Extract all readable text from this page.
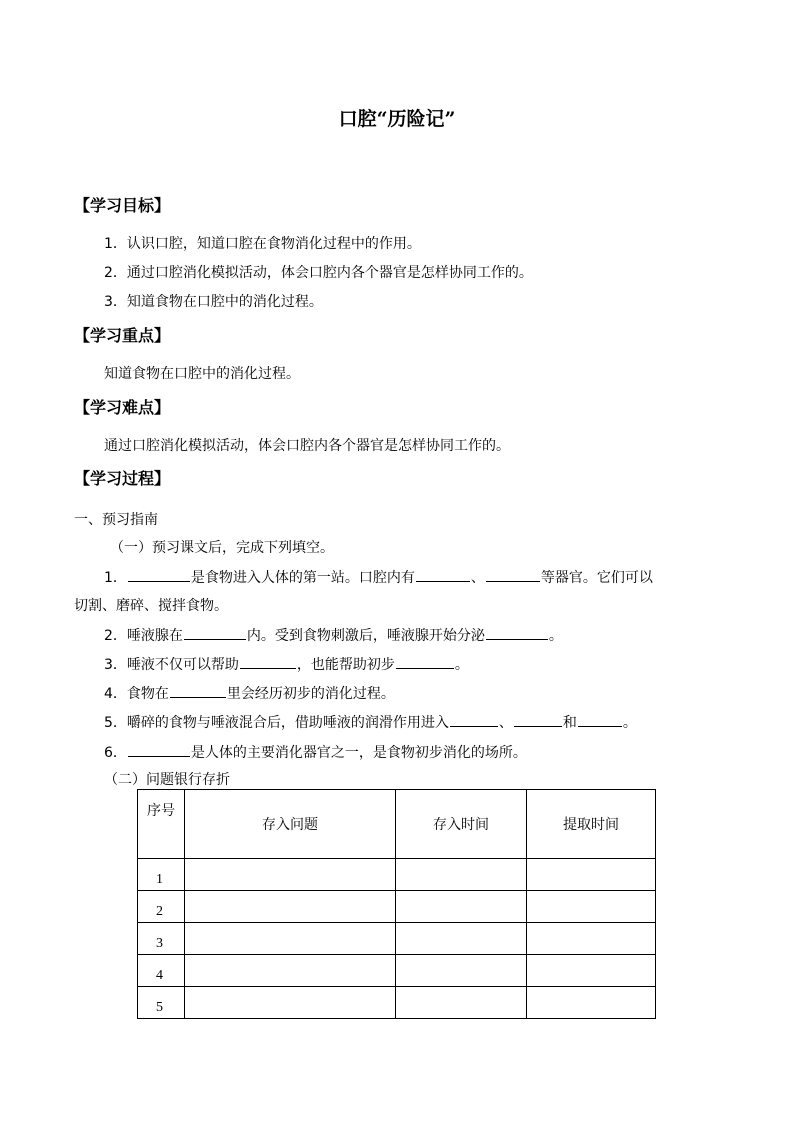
口腔“历险记”
【学习目标】
1．认识口腔，知道口腔在食物消化过程中的作用。
2．通过口腔消化模拟活动，体会口腔内各个器官是怎样协同工作的。
3．知道食物在口腔中的消化过程。
【学习重点】
知道食物在口腔中的消化过程。
【学习难点】
通过口腔消化模拟活动，体会口腔内各个器官是怎样协同工作的。
【学习过程】
一、预习指南
（一）预习课文后，完成下列填空。
1．	是食物进入人体的第一站。口腔内有	、	等器官。它们可以
切割、磨碎、搅拌食物。
2．唾液腺在	内。受到食物刺激后，唾液腺开始分泌	。
3．唾液不仅可以帮助	，也能帮助初步	。
4．食物在	里会经历初步的消化过程。
5．嚼碎的食物与唾液混合后，借助唾液的润滑作用进入	、	和	。
6．	是人体的主要消化器官之一，是食物初步消化的场所。
（二）问题银行存折
序号	存入问题	存入时间	提取时间
1			
2			
3			
4			
5			
